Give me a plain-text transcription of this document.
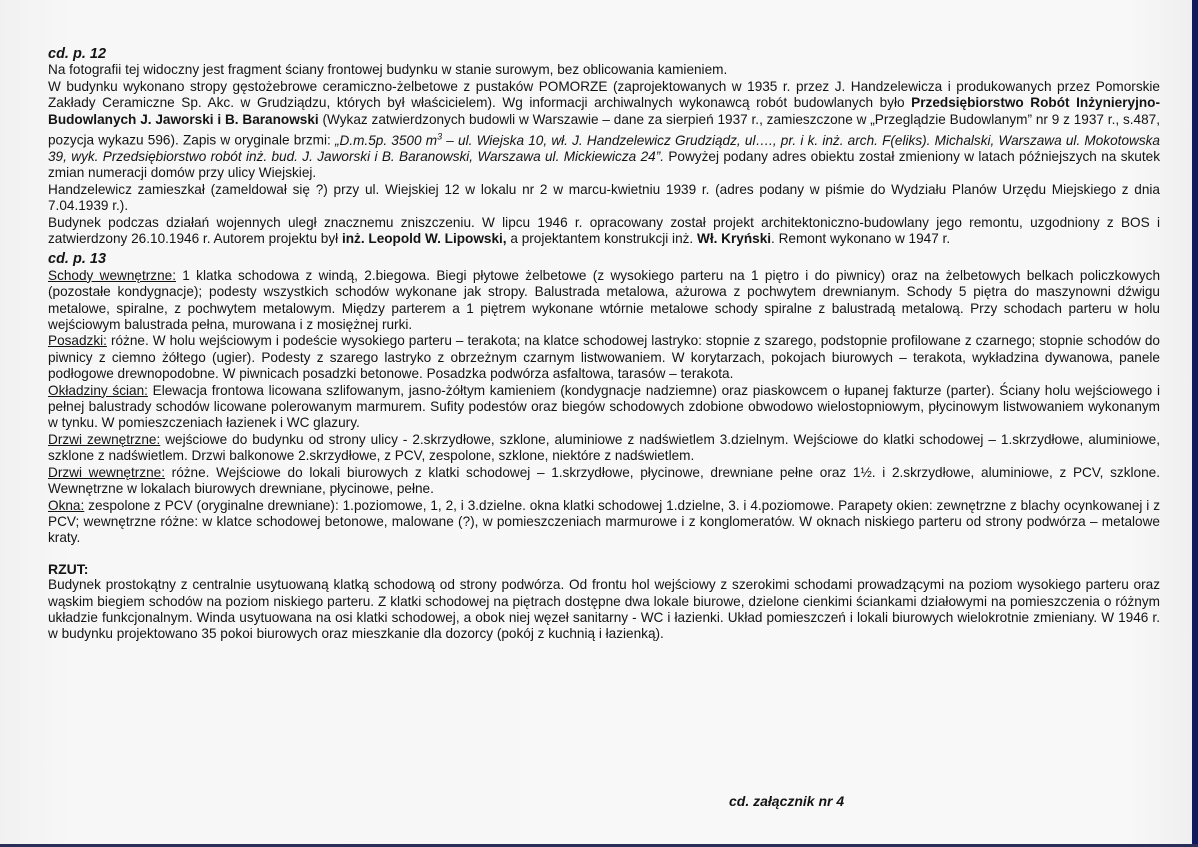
cd. p. 12

Na fotografii tej widoczny jest fragment ściany frontowej budynku w stanie surowym, bez oblicowania kamieniem.

W budynku wykonano stropy gęstożebrowe ceramiczno-żelbetowe z pustaków POMORZE (zaprojektowanych w 1935 r. przez J. Handzelewicza i produkowanych przez Pomorskie Zakłady Ceramiczne Sp. Akc. w Grudziądzu, których był właścicielem). Wg informacji archiwalnych wykonawcą robót budowlanych było Przedsiębiorstwo Robót Inżynieryjno-Budowlanych J. Jaworski i B. Baranowski (Wykaz zatwierdzonych budowli w Warszawie – dane za sierpień 1937 r., zamieszczone w „Przeglądzie Budowlanym” nr 9 z 1937 r., s.487, pozycja wykazu 596). Zapis w oryginale brzmi: „D.m.5p. 3500 $m^3$ – ul. Wiejska 10, wł. J. Handzelewicz Grudziądz, ul…., pr. i k. inż. arch. F(eliks). Michalski, Warszawa ul. Mokotowska 39, wyk. Przedsiębiorstwo robót inż. bud. J. Jaworski i B. Baranowski, Warszawa ul. Mickiewicza 24”. Powyżej podany adres obiektu został zmieniony w latach późniejszych na skutek zmian numeracji domów przy ulicy Wiejskiej.

Handzelewicz zamieszkał (zameldował się ?) przy ul. Wiejskiej 12 w lokalu nr 2 w marcu-kwietniu 1939 r. (adres podany w piśmie do Wydziału Planów Urzędu Miejskiego z dnia 7.04.1939 r.).

Budynek podczas działań wojennych uległ znacznemu zniszczeniu. W lipcu 1946 r. opracowany został projekt architektoniczno-budowlany jego remontu, uzgodniony z BOS i zatwierdzony 26.10.1946 r. Autorem projektu był inż. Leopold W. Lipowski, a projektantem konstrukcji inż. Wł. Kryński. Remont wykonano w 1947 r.

cd. p. 13

Schody wewnętrzne: 1 klatka schodowa z windą, 2.biegowa. Biegi płytowe żelbetowe (z wysokiego parteru na 1 piętro i do piwnicy) oraz na żelbetowych belkach policzkowych (pozostałe kondygnacje); podesty wszystkich schodów wykonane jak stropy. Balustrada metalowa, ażurowa z pochwytem drewnianym. Schody 5 piętra do maszynowni dźwigu metalowe, spiralne, z pochwytem metalowym. Między parterem a 1 piętrem wykonane wtórnie metalowe schody spiralne z balustradą metalową. Przy schodach parteru w holu wejściowym balustrada pełna, murowana i z mosiężnej rurki.

Posadzki: różne. W holu wejściowym i podeście wysokiego parteru – terakota; na klatce schodowej lastryko: stopnie z szarego, podstopnie profilowane z czarnego; stopnie schodów do piwnicy z ciemno żółtego (ugier). Podesty z szarego lastryko z obrzeżnym czarnym listwowaniem. W korytarzach, pokojach biurowych – terakota, wykładzina dywanowa, panele podłogowe drewnopodobne. W piwnicach posadzki betonowe. Posadzka podwórza asfaltowa, tarasów – terakota.

Okładziny ścian: Elewacja frontowa licowana szlifowanym, jasno-żółtym kamieniem (kondygnacje nadziemne) oraz piaskowcem o łupanej fakturze (parter). Ściany holu wejściowego i pełnej balustrady schodów licowane polerowanym marmurem. Sufity podestów oraz biegów schodowych zdobione obwodowo wielostopniowym, płycinowym listwowaniem wykonanym w tynku. W pomieszczeniach łazienek i WC glazury.

Drzwi zewnętrzne: wejściowe do budynku od strony ulicy - 2.skrzydłowe, szklone, aluminiowe z nadświetlem 3.dzielnym. Wejściowe do klatki schodowej – 1.skrzydłowe, aluminiowe, szklone z nadświetlem. Drzwi balkonowe 2.skrzydłowe, z PCV, zespolone, szklone, niektóre z nadświetlem.

Drzwi wewnętrzne: różne. Wejściowe do lokali biurowych z klatki schodowej – 1.skrzydłowe, płycinowe, drewniane pełne oraz 1½. i 2.skrzydłowe, aluminiowe, z PCV, szklone. Wewnętrzne w lokalach biurowych drewniane, płycinowe, pełne.

Okna: zespolone z PCV (oryginalne drewniane): 1.poziomowe, 1, 2, i 3.dzielne. okna klatki schodowej 1.dzielne, 3. i 4.poziomowe. Parapety okien: zewnętrzne z blachy ocynkowanej i z PCV; wewnętrzne różne: w klatce schodowej betonowe, malowane (?), w pomieszczeniach marmurowe i z konglomeratów. W oknach niskiego parteru od strony podwórza – metalowe kraty.

RZUT:

Budynek prostokątny z centralnie usytuowaną klatką schodową od strony podwórza. Od frontu hol wejściowy z szerokimi schodami prowadzącymi na poziom wysokiego parteru oraz wąskim biegiem schodów na poziom niskiego parteru. Z klatki schodowej na piętrach dostępne dwa lokale biurowe, dzielone cienkimi ściankami działowymi na pomieszczenia o różnym układzie funkcjonalnym. Winda usytuowana na osi klatki schodowej, a obok niej węzeł sanitarny - WC i łazienki. Układ pomieszczeń i lokali biurowych wielokrotnie zmieniany. W 1946 r. w budynku projektowano 35 pokoi biurowych oraz mieszkanie dla dozorcy (pokój z kuchnią i łazienką).

cd. załącznik nr 4
